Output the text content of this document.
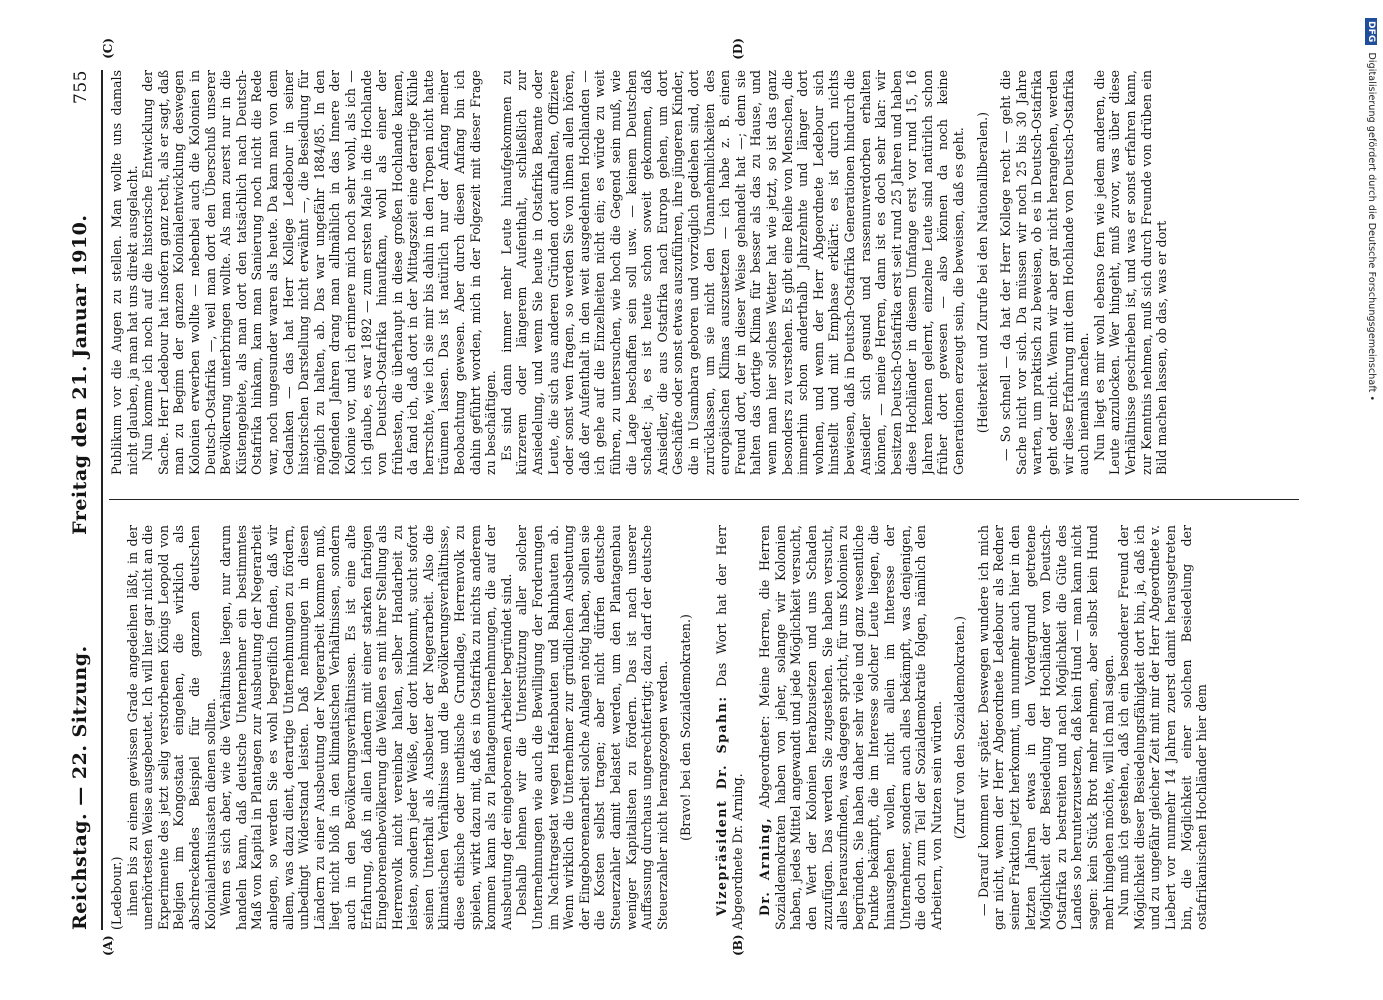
Reichstag. — 22. Sitzung.
Freitag den 21. Januar 1910.
755

(Ledebour.) ihnen bis zu einem gewissen Grade angedeihen läßt, in der unerhörtesten Weise ausgebeutet. Ich will hier gar nicht an die Experimente des jetzt selig verstorbenen Königs Leopold von Belgien im Kongostaat eingehen, die wirklich als abschreckendes Beispiel für die ganzen deutschen Kolonialenthusiasten dienen sollten. Wenn es sich aber, wie die Verhältnisse liegen, nur darum handeln kann, daß deutsche Unternehmer ein bestimmtes Maß von Kapital in Plantagen zur Ausbeutung der Negerarbeit anlegen, so werden Sie es wohl begreiflich finden, daß wir allem, was dazu dient, derartige Unternehmungen zu fördern, unbedingt Widerstand leisten. Daß nehmungen in diesen Ländern zu einer Ausbeutung der Negerarbeit kommen muß, liegt nicht bloß in den klimatischen Verhältnissen, sondern auch in den Bevölkerungsverhältnissen. Es ist eine alte Erfahrung, daß in allen Ländern mit einer starken farbigen Eingeborenenbevölkerung die Weißen es mit ihrer Stellung als Herrenvolk nicht vereinbar halten, selber Handarbeit zu leisten, sondern jeder Weiße, der dort hinkommt, sucht sofort seinen Unterhalt als Ausbeuter der Negerarbeit. Also die klimatischen Verhältnisse und die Bevölkerungsverhältnisse, diese ethische oder unethische Grundlage, Herrenvolk zu spielen, wirkt dazu mit, daß es in Ostafrika zu nichts anderem kommen kann als zu Plantagenunternehmungen, die auf der Ausbeutung der eingeborenen Arbeiter begründet sind. Deshalb lehnen wir die Unterstützung aller solcher Unternehmungen wie auch die Bewilligung der Forderungen im Nachtragsetat wegen Hafenbauten und Bahnbauten ab. Wenn wirklich die Unternehmer zur gründlichen Ausbeutung der Eingeborenenarbeit solche Anlagen nötig haben, sollen sie die Kosten selbst tragen; aber nicht dürfen deutsche Steuerzahler damit belastet werden, um den Plantagenbau weniger Kapitalisten zu fördern. Das ist nach unserer Auffassung durchaus ungerechtfertigt; dazu darf der deutsche Steuerzahler nicht herangezogen werden. (Bravo! bei den Sozialdemokraten.) Vizepräsident Dr. Spahn: Das Wort hat der Herr Abgeordnete Dr. Arning. Dr. Arning, Abgeordneter: Meine Herren, die Herren Sozialdemokraten haben von jeher, solange wir Kolonien haben, jedes Mittel angewandt und jede Möglichkeit versucht, den Wert der Kolonien herabzusetzen und uns Schaden zuzufügen. Das werden Sie zugestehen. Sie haben versucht, alles herauszufinden, was dagegen spricht, für uns Kolonien zu begründen. Sie haben daher sehr viele und ganz wesentliche Punkte bekämpft, die im Interesse solcher Leute liegen, die hinausgehen wollen, nicht allein im Interesse der Unternehmer, sondern auch alles bekämpft, was denjenigen, die doch zum Teil der Sozialdemokratie folgen, nämlich den Arbeitern, von Nutzen sein würden. (Zuruf von den Sozialdemokraten.) — Darauf kommen wir später. Deswegen wundere ich mich gar nicht, wenn der Herr Abgeordnete Ledebour als Redner seiner Fraktion jetzt herkommt, um nunmehr auch hier in den letzten Jahren etwas in den Vordergrund getretene Möglichkeit der Besiedelung der Hochländer von Deutsch-Ostafrika zu bestreiten und nach Möglichkeit die Güte des Landes so herunterzusetzen, daß kein Hund — man kann nicht sagen: kein Stück Brot mehr nehmen, aber selbst kein Hund mehr hingehen möchte, will ich mal sagen. Nun muß ich gestehen, daß ich ein besonderer Freund der Möglichkeit dieser Besiedelungsfähigkeit dort bin, ja, daß ich und zu ungefähr gleicher Zeit mit mir der Herr Abgeordnete v. Liebert vor nunmehr 14 Jahren zuerst damit herausgetreten bin, die Möglichkeit einer solchen Besiedelung der ostafrikanischen Hochländer hier dem

Publikum vor die Augen zu stellen. Man wollte uns damals nicht glauben, ja man hat uns direkt ausgelacht. Nun komme ich noch auf die historische Entwicklung der Sache. Herr Ledebour hat insofern ganz recht, als er sagt, daß man zu Beginn der ganzen Kolonialentwicklung deswegen Kolonien erwerben wollte — nebenbei auch die Kolonien in Deutsch-Ostafrika —, weil man dort den Überschuß unserer Bevölkerung unterbringen wollte. Als man zuerst nur in die Küstengebiete, als man dort den tatsächlich nach Deutsch-Ostafrika hinkam, kam man Sanierung noch nicht die Rede war, noch ungesunder waren als heute. Da kam man von dem Gedanken — das hat Herr Kollege Ledebour in seiner historischen Darstellung nicht erwähnt —, die Besiedlung für möglich zu halten, ab. Das war ungefähr 1884/85. In den folgenden Jahren drang man allmählich in das Innere der Kolonie vor, und ich erinnere mich noch sehr wohl, als ich — ich glaube, es war 1892 — zum ersten Male in die Hochlande von Deutsch-Ostafrika hinaufkam, wohl als einer der frühesten, die überhaupt in diese großen Hochlande kamen, da fand ich, daß dort in der Mittagszeit eine derartige Kühle herrschte, wie ich sie mir bis dahin in den Tropen nicht hatte träumen lassen. Das ist natürlich nur der Anfang meiner Beobachtung gewesen. Aber durch diesen Anfang bin ich dahin geführt worden, mich in der Folgezeit mit dieser Frage zu beschäftigen. Es sind dann immer mehr Leute hinaufgekommen zu kürzerem oder längerem Aufenthalt, schließlich zur Ansiedelung, und wenn Sie heute in Ostafrika Beamte oder Leute, die sich aus anderen Gründen dort aufhalten, Offiziere oder sonst wen fragen, so werden Sie von ihnen allen hören, daß der Aufenthalt in den weit ausgedehnten Hochlanden — ich gehe auf die Einzelheiten nicht ein; es würde zu weit führen, zu untersuchen, wie hoch die Gegend sein muß, wie die Lage beschaffen sein soll usw. — keinem Deutschen schadet; ja, es ist heute schon soweit gekommen, daß Ansiedler, die aus Ostafrika nach Europa gehen, um dort Geschäfte oder sonst etwas auszuführen, ihre jüngeren Kinder, die in Usambara geboren und vorzüglich gediehen sind, dort zurücklassen, um sie nicht den Unannehmlichkeiten des europäischen Klimas auszusetzen — ich habe z. B. einen Freund dort, der in dieser Weise gehandelt hat —; denn sie halten das dortige Klima für besser als das zu Hause, und wenn man hier solches Wetter hat wie jetzt, so ist das ganz besonders zu verstehen. Es gibt eine Reihe von Menschen, die immerhin schon anderthalb Jahrzehnte und länger dort wohnen, und wenn der Herr Abgeordnete Ledebour sich hinstellt und mit Emphase erklärt: es ist durch nichts bewiesen, daß in Deutsch-Ostafrika Generationen hindurch die Ansiedler sich gesund und rassenunverdorben erhalten können, — meine Herren, dann ist es doch sehr klar: wir besitzen Deutsch-Ostafrika erst seit rund 25 Jahren und haben diese Hochländer in diesem Umfange erst vor rund 15, 16 Jahren kennen gelernt, einzelne Leute sind natürlich schon früher dort gewesen — also können da noch keine Generationen erzeugt sein, die beweisen, daß es geht. (Heiterkeit und Zurufe bei den Nationalliberalen.) — So schnell — da hat der Herr Kollege recht — geht die Sache nicht vor sich. Da müssen wir noch 25 bis 30 Jahre warten, um praktisch zu beweisen, ob es in Deutsch-Ostafrika geht oder nicht. Wenn wir aber gar nicht herangehen, werden wir diese Erfahrung mit dem Hochlande von Deutsch-Ostafrika auch niemals machen. Nun liegt es mir wohl ebenso fern wie jedem anderen, die Leute anzulocken. Wer hingeht, muß zuvor, was über diese Verhältnisse geschrieben ist, und was er sonst erfahren kann, zur Kenntnis nehmen, muß sich durch Freunde von drüben ein Bild machen lassen, ob das, was er dort

(A)	(B)
(C)	(D)
DFG Digitalisierung gefördert durch die Deutsche Forschungsgemeinschaft •
